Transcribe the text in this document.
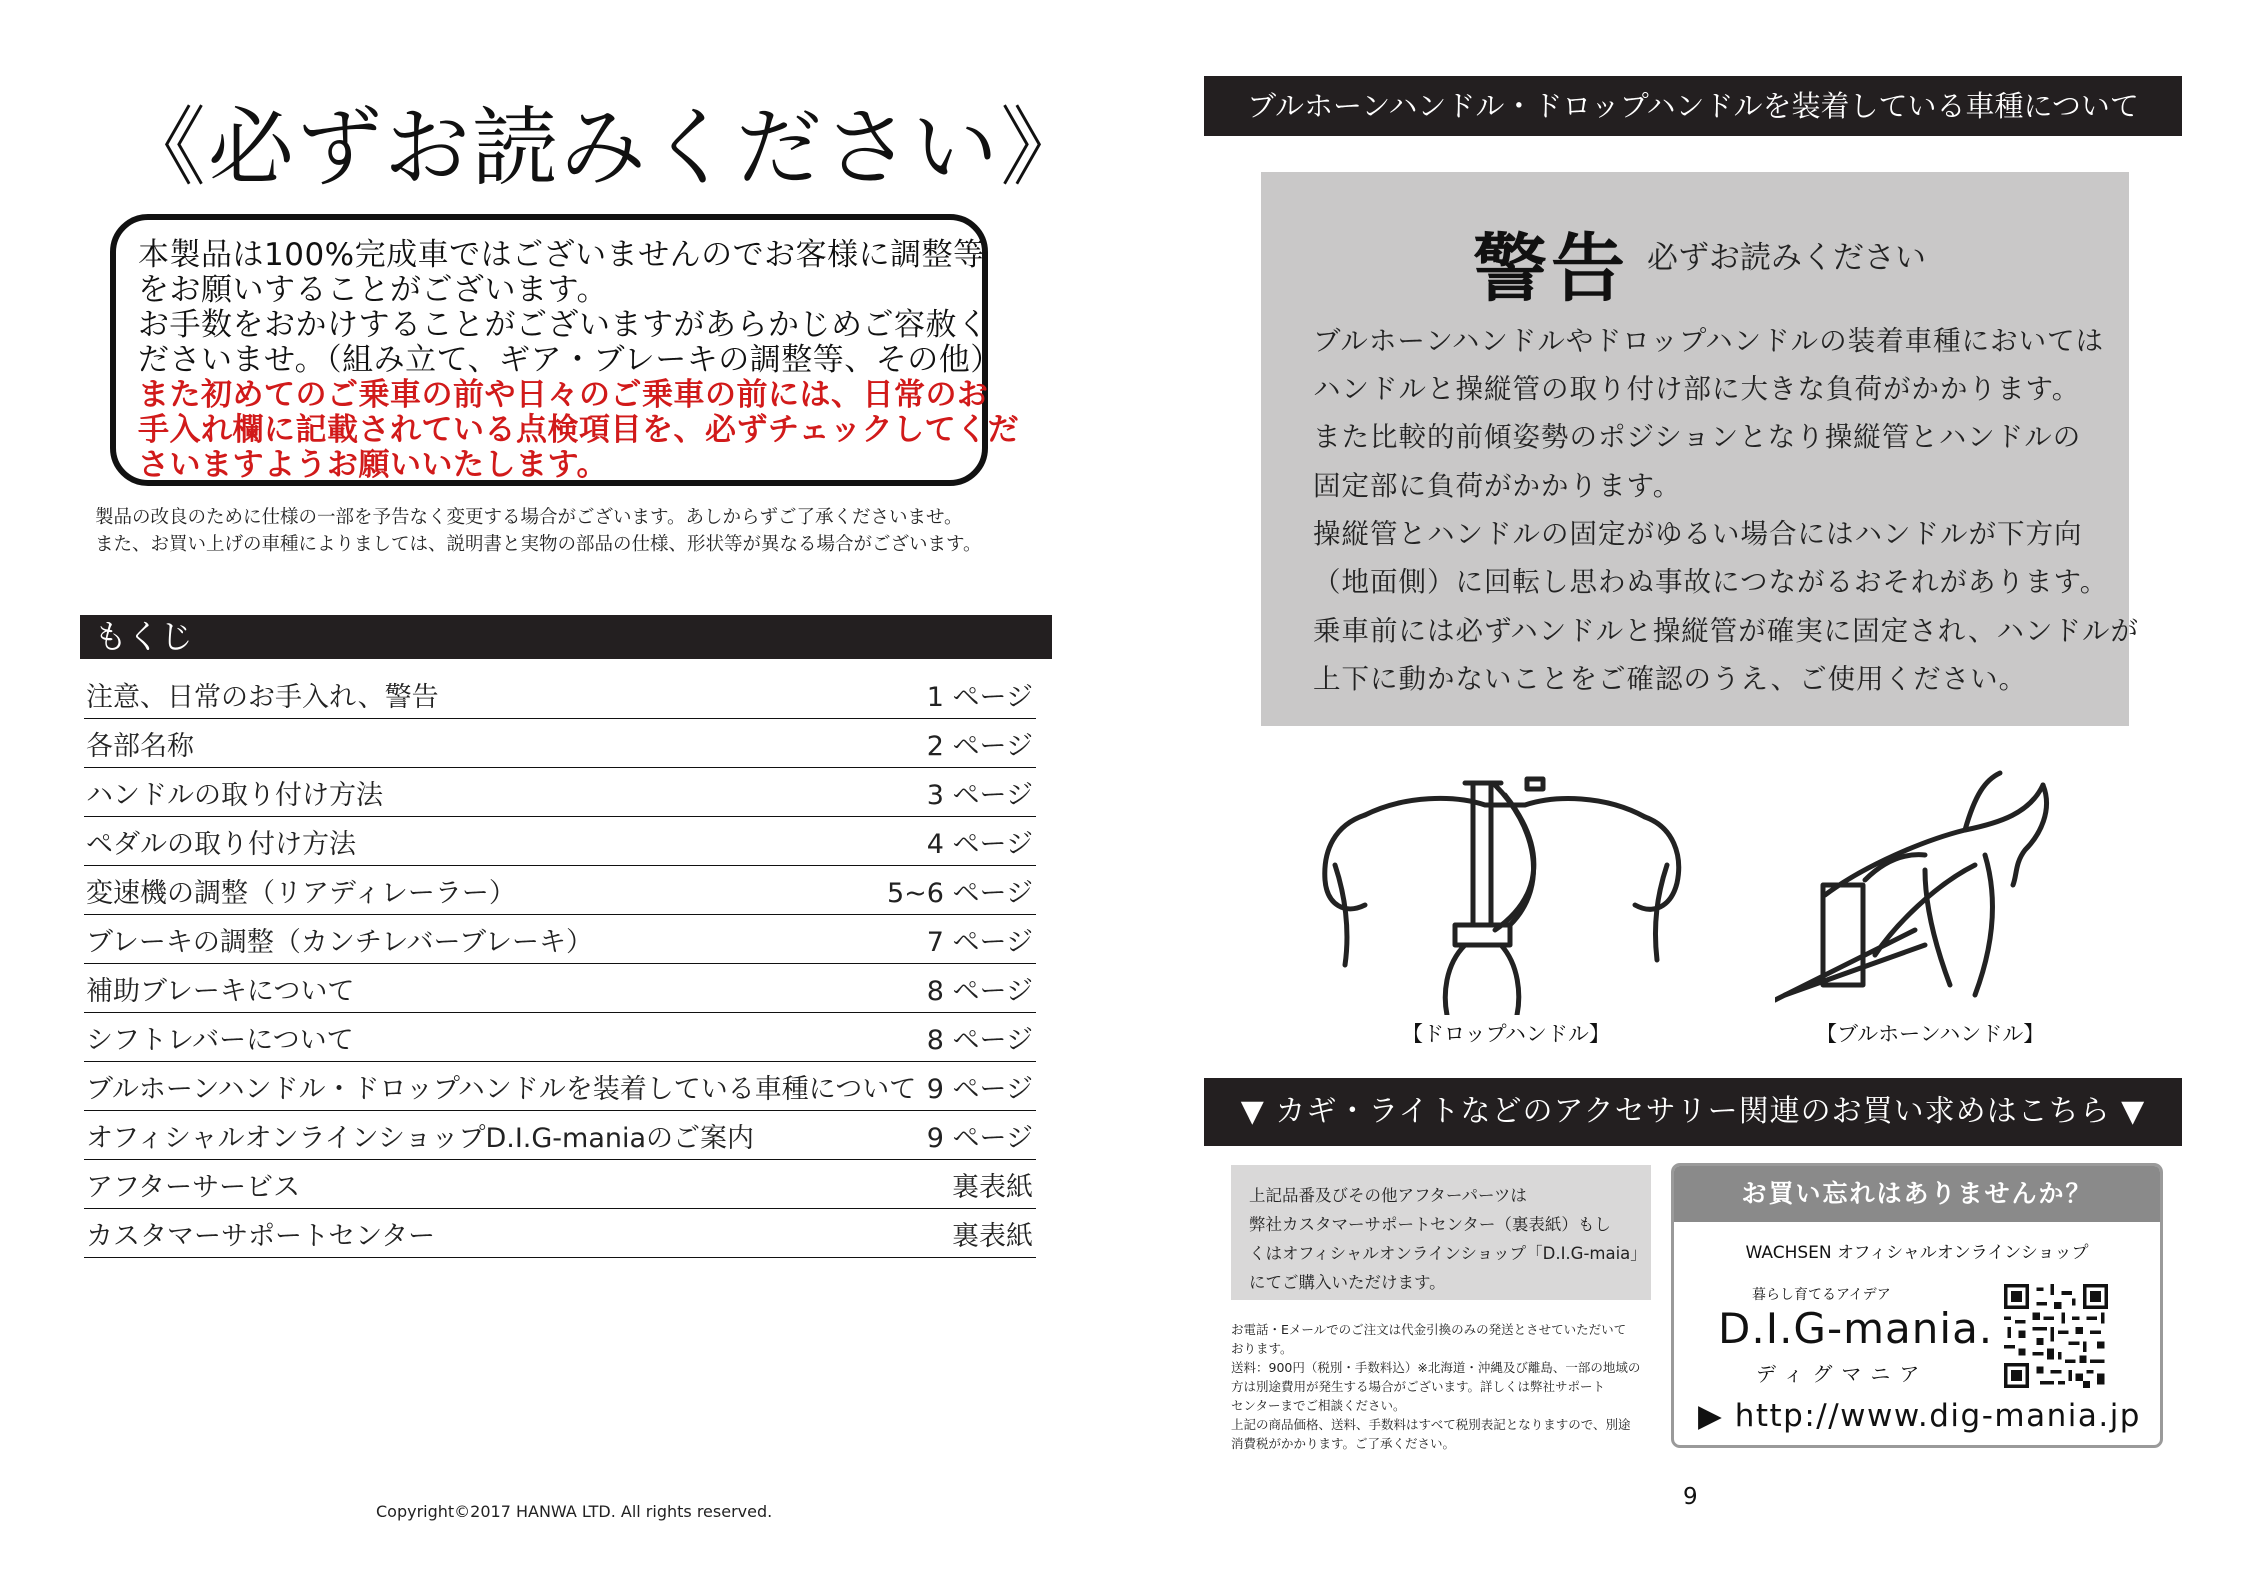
《必ずお読みください》
本製品は100%完成車ではございませんのでお客様に調整等
をお願いすることがございます。
お手数をおかけすることがございますがあらかじめご容赦く
ださいませ。（組み立て、ギア・ブレーキの調整等、その他）
また初めてのご乗車の前や日々のご乗車の前には、日常のお
手入れ欄に記載されている点検項目を、必ずチェックしてくだ
さいますようお願いいたします。
製品の改良のために仕様の一部を予告なく変更する場合がございます。あしからずご了承くださいませ。
また、お買い上げの車種によりましては、説明書と実物の部品の仕様、形状等が異なる場合がございます。
もくじ
注意、日常のお手入れ、警告	1 ページ
各部名称	2 ページ
ハンドルの取り付け方法	3 ページ
ペダルの取り付け方法	4 ページ
変速機の調整（リアディレーラー）	5~6 ページ
ブレーキの調整（カンチレバーブレーキ）	7 ページ
補助ブレーキについて	8 ページ
シフトレバーについて	8 ページ
ブルホーンハンドル・ドロップハンドルを装着している車種について 9 ページ
オフィシャルオンラインショップD.I.G-maniaのご案内	9 ページ
アフターサービス	裏表紙
カスタマーサポートセンター	裏表紙
Copyright©2017 HANWA LTD. All rights reserved.
ブルホーンハンドル・ドロップハンドルを装着している車種について
警告 必ずお読みください
ブルホーンハンドルやドロップハンドルの装着車種においては
ハンドルと操縦管の取り付け部に大きな負荷がかかります。
また比較的前傾姿勢のポジションとなり操縦管とハンドルの
固定部に負荷がかかります。
操縦管とハンドルの固定がゆるい場合にはハンドルが下方向
（地面側）に回転し思わぬ事故につながるおそれがあります。
乗車前には必ずハンドルと操縦管が確実に固定され、ハンドルが
上下に動かないことをご確認のうえ、ご使用ください。
【ドロップハンドル】	【ブルホーンハンドル】
▼ カギ・ライトなどのアクセサリー関連のお買い求めはこちら ▼
上記品番及びその他アフターパーツは
弊社カスタマーサポートセンター（裏表紙）もし
くはオフィシャルオンラインショップ「D.I.G-maia」
にてご購入いただけます。
お電話・Eメールでのご注文は代金引換のみの発送とさせていただいて
おります。
送料：900円（税別・手数料込）※北海道・沖縄及び離島、一部の地域の
方は別途費用が発生する場合がございます。詳しくは弊社サポート
センターまでご相談ください。
上記の商品価格、送料、手数料はすべて税別表記となりますので、別途
消費税がかかります。ご了承ください。
お買い忘れはありませんか？
WACHSEN オフィシャルオンラインショップ
暮らし育てるアイデア
D.I.G-mania.
ディグマニア
▶ http://www.dig-mania.jp
9
